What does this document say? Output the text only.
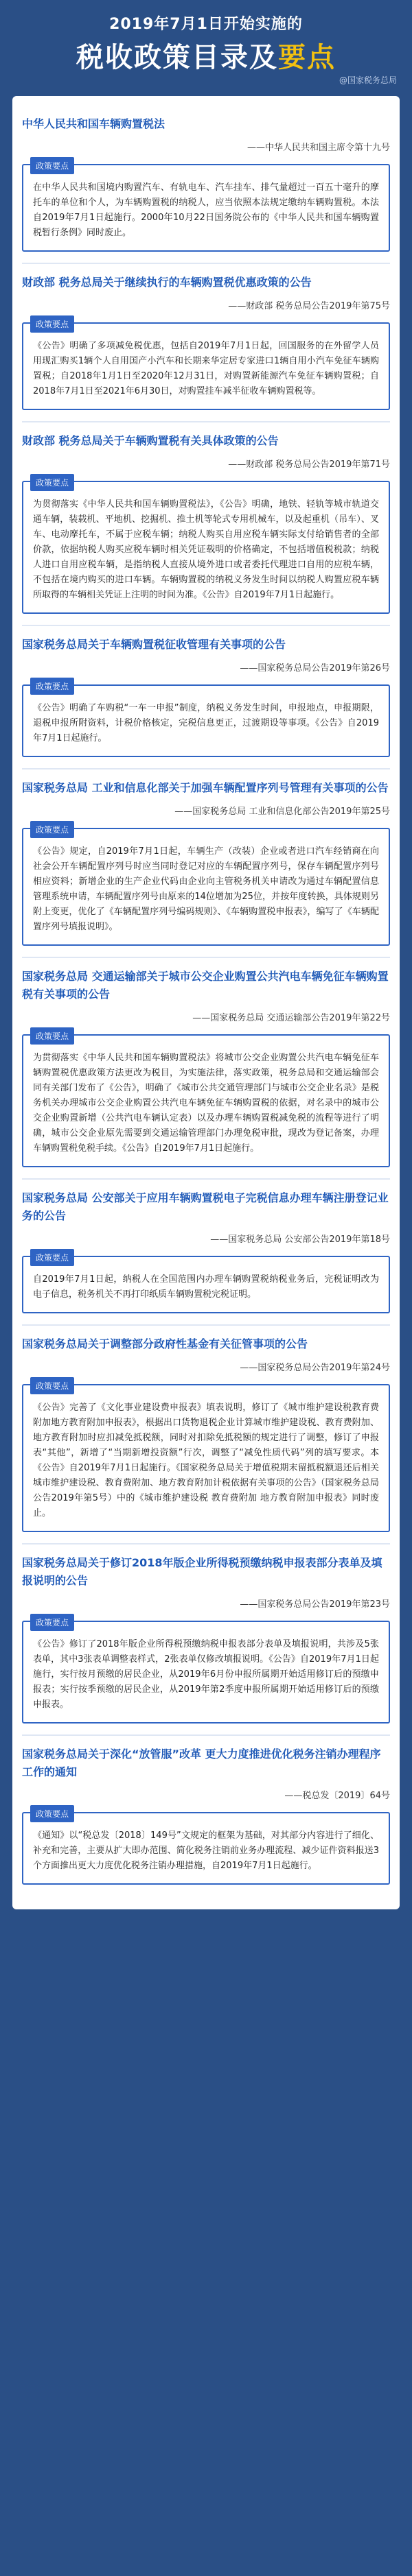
2019年7月1日开始实施的
税收政策目录及要点
@国家税务总局
中华人民共和国车辆购置税法
——中华人民共和国主席令第十九号
政策要点
在中华人民共和国境内购置汽车、有轨电车、汽车挂车、排气量超过一百五十毫升的摩托车的单位和个人，为车辆购置税的纳税人，应当依照本法规定缴纳车辆购置税。本法自2019年7月1日起施行。2000年10月22日国务院公布的《中华人民共和国车辆购置税暂行条例》同时废止。
财政部 税务总局关于继续执行的车辆购置税优惠政策的公告
——财政部 税务总局公告2019年第75号
政策要点
《公告》明确了多项减免税优惠，包括自2019年7月1日起，回国服务的在外留学人员用现汇购买1辆个人自用国产小汽车和长期来华定居专家进口1辆自用小汽车免征车辆购置税；自2018年1月1日至2020年12月31日，对购置新能源汽车免征车辆购置税；自2018年7月1日至2021年6月30日，对购置挂车减半征收车辆购置税等。
财政部 税务总局关于车辆购置税有关具体政策的公告
——财政部 税务总局公告2019年第71号
政策要点
为贯彻落实《中华人民共和国车辆购置税法》，《公告》明确，地铁、轻轨等城市轨道交通车辆，装载机、平地机、挖掘机、推土机等轮式专用机械车，以及起重机（吊车）、叉车、电动摩托车，不属于应税车辆；纳税人购买自用应税车辆实际支付给销售者的全部价款，依据纳税人购买应税车辆时相关凭证载明的价格确定，不包括增值税税款；纳税人进口自用应税车辆，是指纳税人直接从境外进口或者委托代理进口自用的应税车辆，不包括在境内购买的进口车辆。车辆购置税的纳税义务发生时间以纳税人购置应税车辆所取得的车辆相关凭证上注明的时间为准。《公告》自2019年7月1日起施行。
国家税务总局关于车辆购置税征收管理有关事项的公告
——国家税务总局公告2019年第26号
政策要点
《公告》明确了车购税“一车一申报”制度，纳税义务发生时间，申报地点，申报期限，退税申报所附资料，计税价格核定，完税信息更正，过渡期设等事项。《公告》自2019年7月1日起施行。
国家税务总局 工业和信息化部关于加强车辆配置序列号管理有关事项的公告
——国家税务总局 工业和信息化部公告2019年第25号
政策要点
《公告》规定，自2019年7月1日起，车辆生产（改装）企业或者进口汽车经销商在向社会公开车辆配置序列号时应当同时登记对应的车辆配置序列号，保存车辆配置序列号相应资料；新增企业的生产企业代码由企业向主管税务机关申请改为通过车辆配置信息管理系统申请，车辆配置序列号由原来的14位增加为25位，并按年度转换，具体规则另附上变更，优化了《车辆配置序列号编码规则》、《车辆购置税申报表》，编写了《车辆配置序列号填报说明》。
国家税务总局 交通运输部关于城市公交企业购置公共汽电车辆免征车辆购置税有关事项的公告
——国家税务总局 交通运输部公告2019年第22号
政策要点
为贯彻落实《中华人民共和国车辆购置税法》将城市公交企业购置公共汽电车辆免征车辆购置税优惠政策方法更改为税目，为实施法律，落实政策，税务总局和交通运输部会同有关部门发布了《公告》，明确了《城市公共交通管理部门与城市公交企业名录》是税务机关办理城市公交企业购置公共汽电车辆免征车辆购置税的依据，对名录中的城市公交企业购置新增（公共汽电车辆认定表）以及办理车辆购置税减免税的流程等进行了明确，城市公交企业原先需要到交通运输管理部门办理免税审批，现改为登记备案，办理车辆购置税免税手续。《公告》自2019年7月1日起施行。
国家税务总局 公安部关于应用车辆购置税电子完税信息办理车辆注册登记业务的公告
——国家税务总局 公安部公告2019年第18号
政策要点
自2019年7月1日起，纳税人在全国范围内办理车辆购置税纳税业务后，完税证明改为电子信息，税务机关不再打印纸质车辆购置税完税证明。
国家税务总局关于调整部分政府性基金有关征管事项的公告
——国家税务总局公告2019年第24号
政策要点
《公告》完善了《文化事业建设费申报表》填表说明，修订了《城市维护建设税教育费附加地方教育附加申报表》，根据出口货物退税企业计算城市维护建设税、教育费附加、地方教育附加时应扣减免抵税额，同时对扣除免抵税额的规定进行了调整，修订了申报表“其他”，新增了“当期新增投资额”行次，调整了“减免性质代码”列的填写要求。本《公告》自2019年7月1日起施行。《国家税务总局关于增值税期末留抵税额退还后相关城市维护建设税、教育费附加、地方教育附加计税依据有关事项的公告》（国家税务总局公告2019年第5号）中的《城市维护建设税 教育费附加 地方教育附加申报表》同时废止。
国家税务总局关于修订2018年版企业所得税预缴纳税申报表部分表单及填报说明的公告
——国家税务总局公告2019年第23号
政策要点
《公告》修订了2018年版企业所得税预缴纳税申报表部分表单及填报说明，共涉及5张表单，其中3张表单调整表样式，2张表单仅修改填报说明。《公告》自2019年7月1日起施行，实行按月预缴的居民企业，从2019年6月份申报所属期开始适用修订后的预缴申报表；实行按季预缴的居民企业，从2019年第2季度申报所属期开始适用修订后的预缴申报表。
国家税务总局关于深化“放管服”改革 更大力度推进优化税务注销办理程序工作的通知
——税总发〔2019〕64号
政策要点
《通知》以“税总发〔2018〕149号”文规定的框架为基础，对其部分内容进行了细化、补充和完善，主要从扩大即办范围、简化税务注销前业务办理流程、减少证件资料报送3个方面推出更大力度优化税务注销办理措施，自2019年7月1日起施行。
